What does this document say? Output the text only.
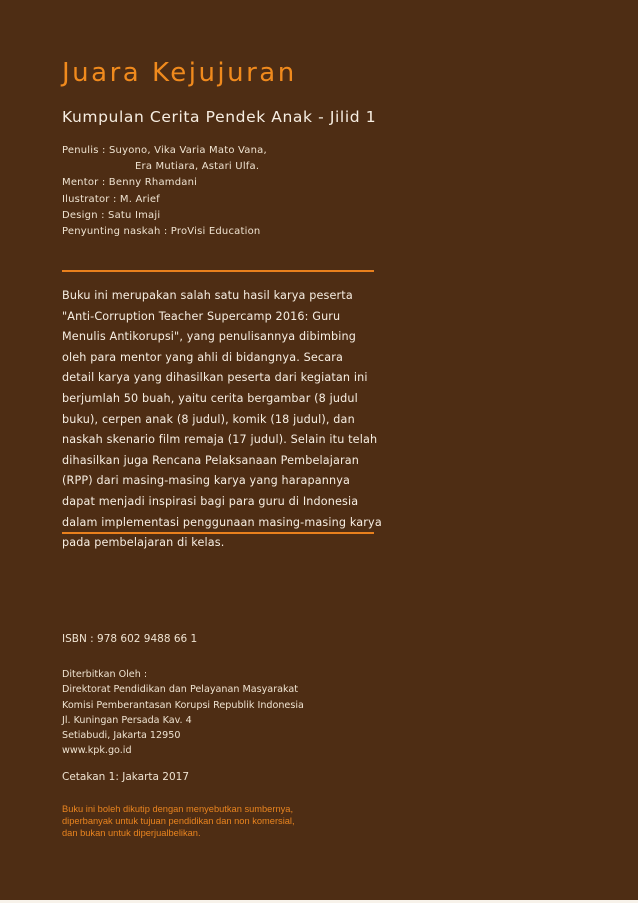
Juara Kejujuran
Kumpulan Cerita Pendek Anak - Jilid 1
Penulis : Suyono, Vika Varia Mato Vana,
Era Mutiara, Astari Ulfa.
Mentor : Benny Rhamdani
Ilustrator : M. Arief
Design : Satu Imaji
Penyunting naskah : ProVisi Education
Buku ini merupakan salah satu hasil karya peserta
"Anti-Corruption Teacher Supercamp 2016: Guru
Menulis Antikorupsi", yang penulisannya dibimbing
oleh para mentor yang ahli di bidangnya. Secara
detail karya yang dihasilkan peserta dari kegiatan ini
berjumlah 50 buah, yaitu cerita bergambar (8 judul
buku), cerpen anak (8 judul), komik (18 judul), dan
naskah skenario film remaja (17 judul). Selain itu telah
dihasilkan juga Rencana Pelaksanaan Pembelajaran
(RPP) dari masing-masing karya yang harapannya
dapat menjadi inspirasi bagi para guru di Indonesia
dalam implementasi penggunaan masing-masing karya
pada pembelajaran di kelas.
ISBN : 978 602 9488 66 1
Diterbitkan Oleh :
Direktorat Pendidikan dan Pelayanan Masyarakat
Komisi Pemberantasan Korupsi Republik Indonesia
Jl. Kuningan Persada Kav. 4
Setiabudi, Jakarta 12950
www.kpk.go.id
Cetakan 1: Jakarta 2017
Buku ini boleh dikutip dengan menyebutkan sumbernya,
diperbanyak untuk tujuan pendidikan dan non komersial,
dan bukan untuk diperjualbelikan.
